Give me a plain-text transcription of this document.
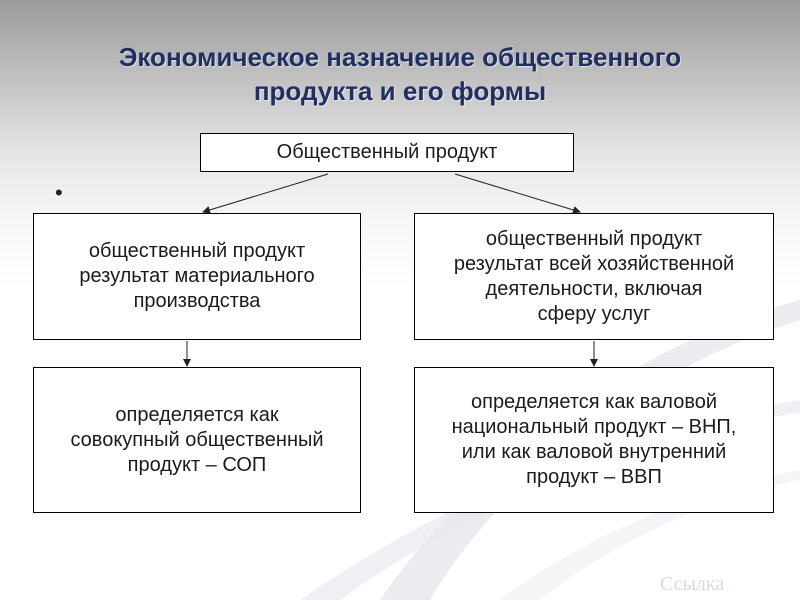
Экономическое назначение общественного
продукта и его формы
Общественный продукт
•
общественный продукт
результат материального
производства
общественный продукт
результат всей хозяйственной
деятельности, включая
сферу услуг
определяется как
совокупный общественный
продукт – СОП
определяется как валовой
национальный продукт – ВНП,
или как валовой внутренний
продукт – ВВП
Ссылка
